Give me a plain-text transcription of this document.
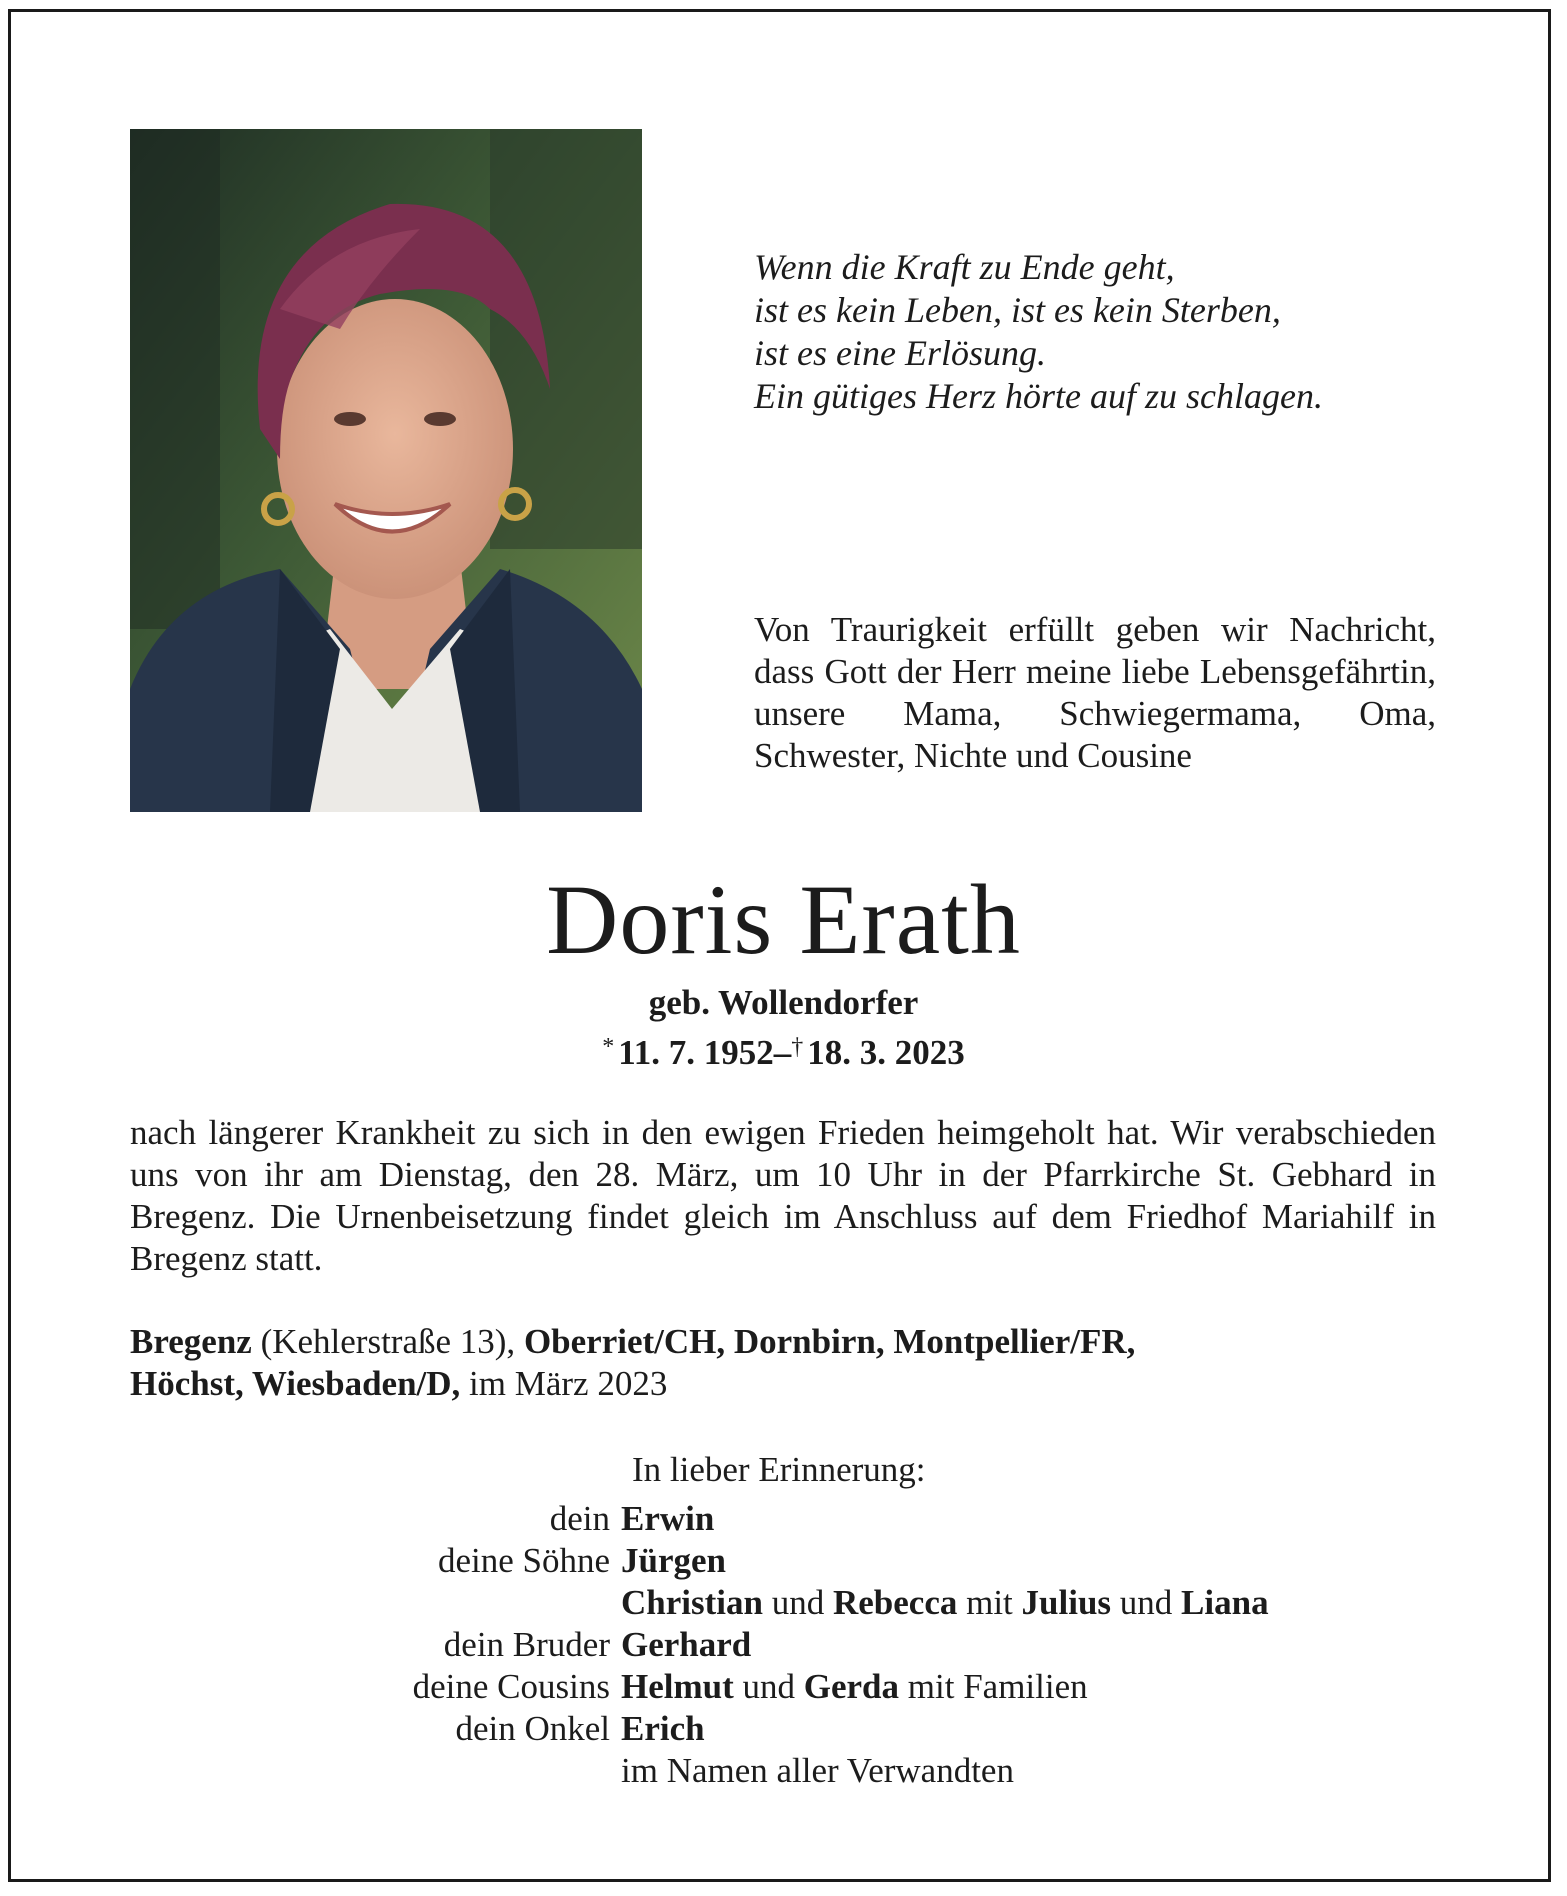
Wenn die Kraft zu Ende geht,
ist es kein Leben, ist es kein Sterben,
ist es eine Erlösung.
Ein gütiges Herz hörte auf zu schlagen.
Von Traurigkeit erfüllt geben wir Nachricht, dass Gott der Herr meine liebe Lebensgefährtin, unsere Mama, Schwiegermama, Oma, Schwester, Nichte und Cousine
Doris Erath
geb. Wollendorfer
* 11. 7. 1952–† 18. 3. 2023
nach längerer Krankheit zu sich in den ewigen Frieden heimgeholt hat. Wir verabschieden uns von ihr am Dienstag, den 28. März, um 10 Uhr in der Pfarrkirche St. Gebhard in Bregenz. Die Urnenbeisetzung findet gleich im Anschluss auf dem Friedhof Mariahilf in Bregenz statt.
Bregenz (Kehlerstraße 13), Oberriet/CH, Dornbirn, Montpellier/FR,
Höchst, Wiesbaden/D, im März 2023
In lieber Erinnerung:
dein Erwin
deine Söhne Jürgen
Christian und Rebecca mit Julius und Liana
dein Bruder Gerhard
deine Cousins Helmut und Gerda mit Familien
dein Onkel Erich
im Namen aller Verwandten
